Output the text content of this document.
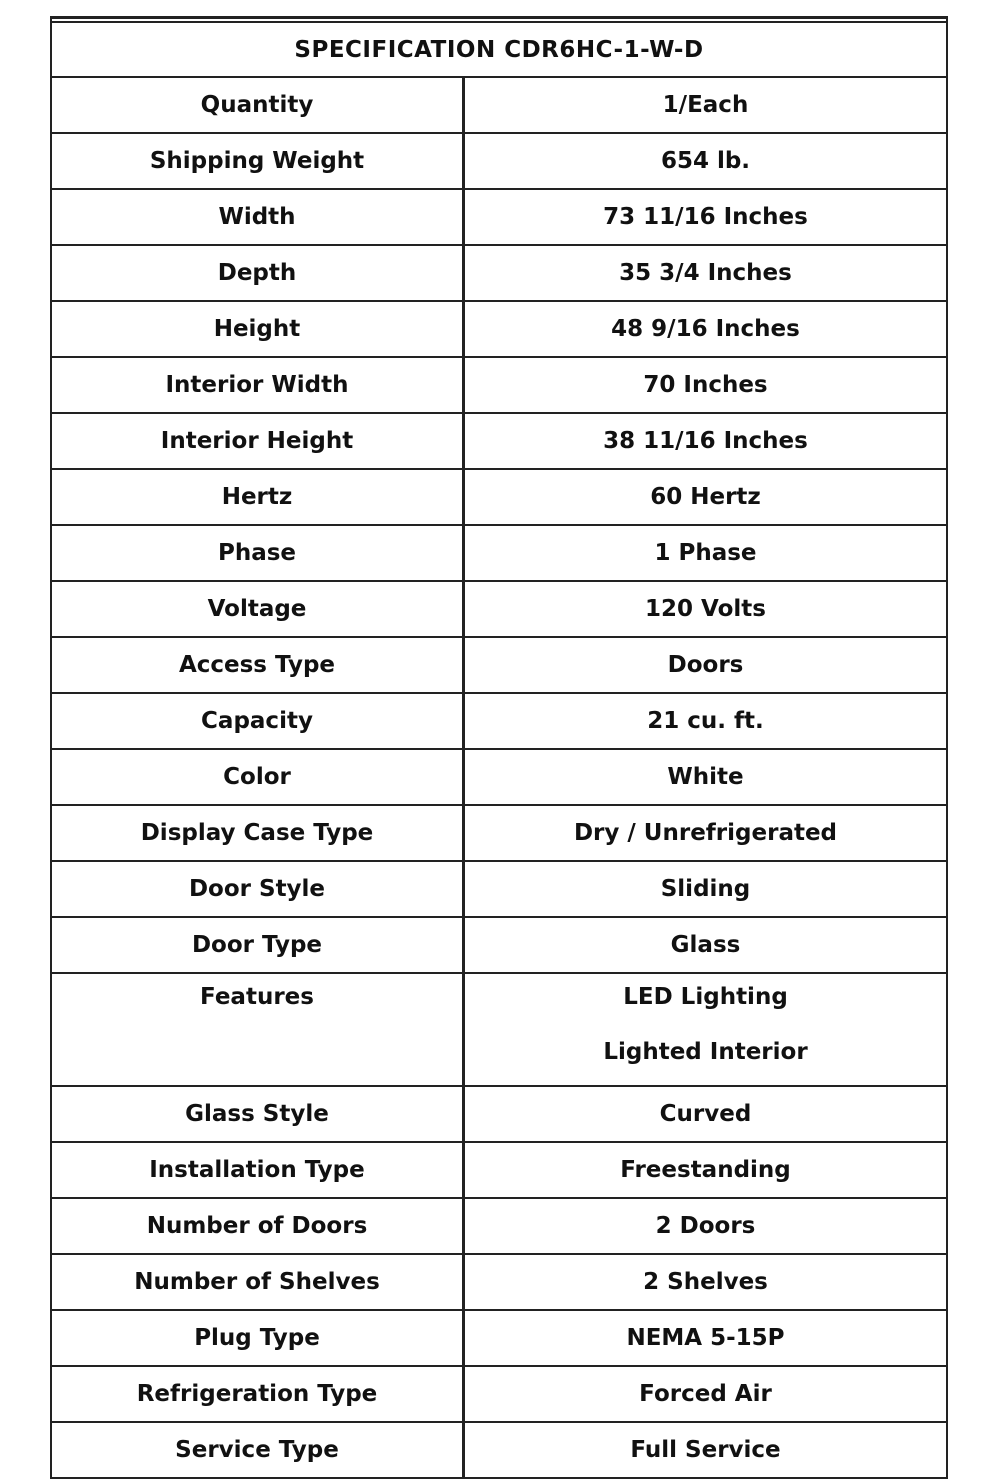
SPECIFICATION CDR6HC-1-W-D
Quantity	1/Each
Shipping Weight	654 lb.
Width	73 11/16 Inches
Depth	35 3/4 Inches
Height	48 9/16 Inches
Interior Width	70 Inches
Interior Height	38 11/16 Inches
Hertz	60 Hertz
Phase	1 Phase
Voltage	120 Volts
Access Type	Doors
Capacity	21 cu. ft.
Color	White
Display Case Type	Dry / Unrefrigerated
Door Style	Sliding
Door Type	Glass
Features	LED Lighting
Lighted Interior
Glass Style	Curved
Installation Type	Freestanding
Number of Doors	2 Doors
Number of Shelves	2 Shelves
Plug Type	NEMA 5-15P
Refrigeration Type	Forced Air
Service Type	Full Service
